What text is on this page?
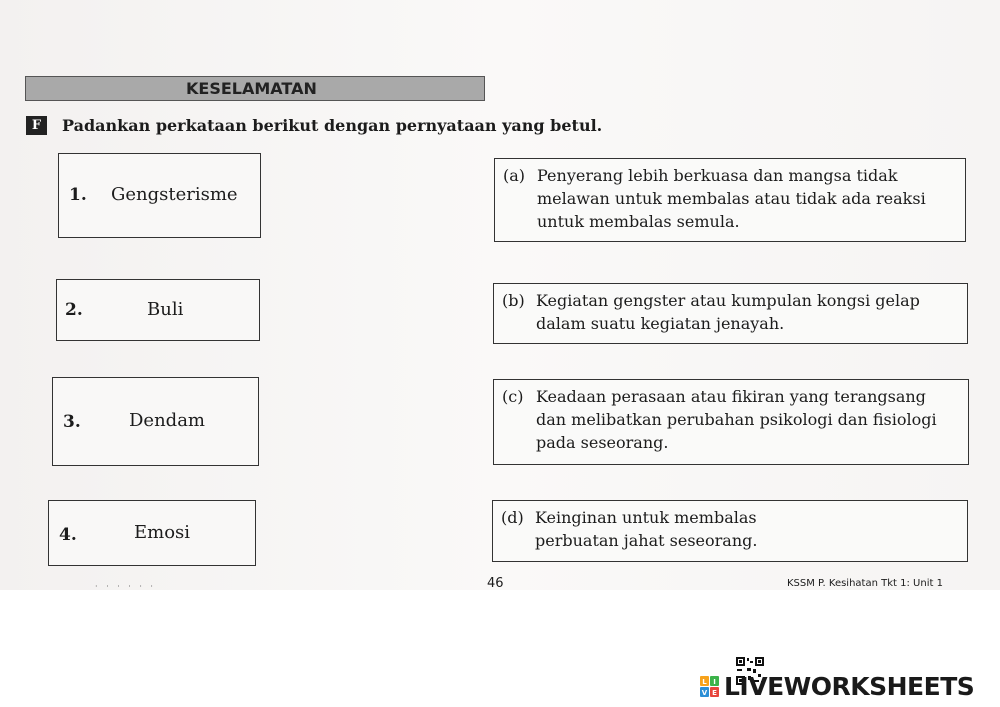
KESELAMATAN
F	Padankan perkataan berikut dengan pernyataan yang betul.
1. Gengsterisme
2.	Buli
3.	Dendam
4.	Emosi
(a) Penyerang lebih berkuasa dan mangsa tidak melawan untuk membalas atau tidak ada reaksi untuk membalas semula.
(b) Kegiatan gengster atau kumpulan kongsi gelap dalam suatu kegiatan jenayah.
(c) Keadaan perasaan atau fikiran yang terangsang dan melibatkan perubahan psikologi dan fisiologi pada seseorang.
(d) Keinginan untuk membalas perbuatan jahat seseorang.
· · · · · ·	46	KSSM P. Kesihatan Tkt 1: Unit 1
L I
V E LIVEWORKSHEETS
